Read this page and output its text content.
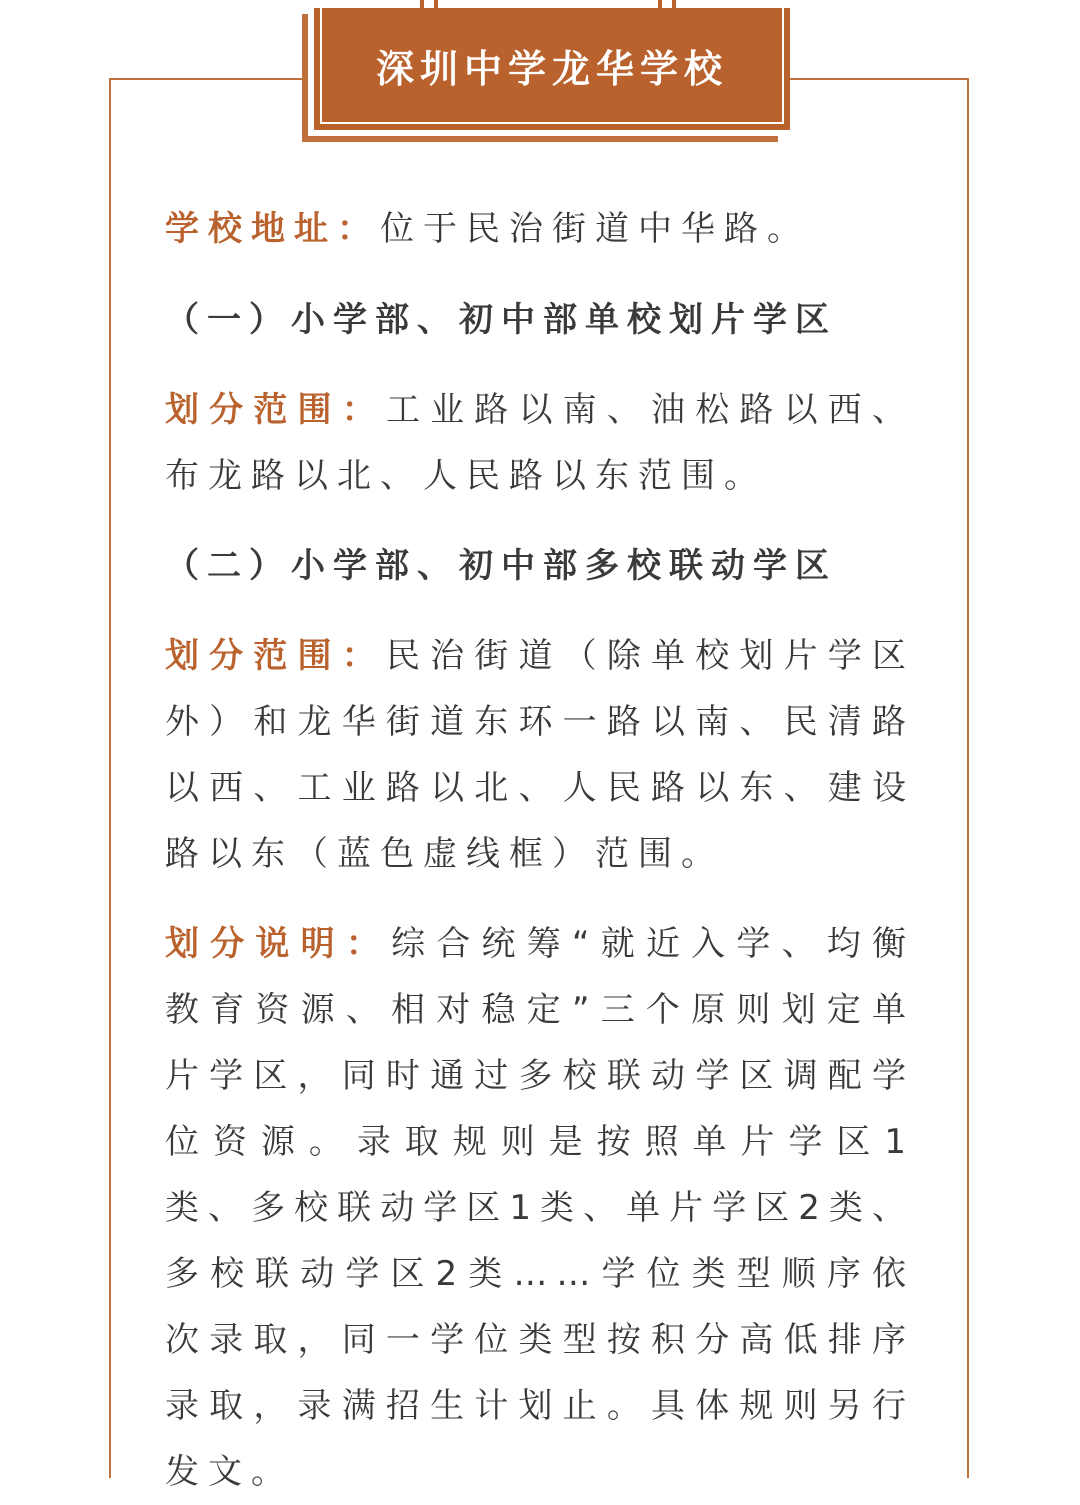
深圳中学龙华学校

学校地址：位于民治街道中华路。

（一）小学部、初中部单校划片学区

划分范围：工业路以南、油松路以西、布龙路以北、人民路以东范围。

（二）小学部、初中部多校联动学区

划分范围：民治街道（除单校划片学区外）和龙华街道东环一路以南、民清路以西、工业路以北、人民路以东、建设路以东（蓝色虚线框）范围。

划分说明：综合统筹“就近入学、均衡教育资源、相对稳定”三个原则划定单片学区，同时通过多校联动学区调配学位资源。录取规则是按照单片学区1类、多校联动学区1类、单片学区2类、多校联动学区2类……学位类型顺序依次录取，同一学位类型按积分高低排序录取，录满招生计划止。具体规则另行发文。
